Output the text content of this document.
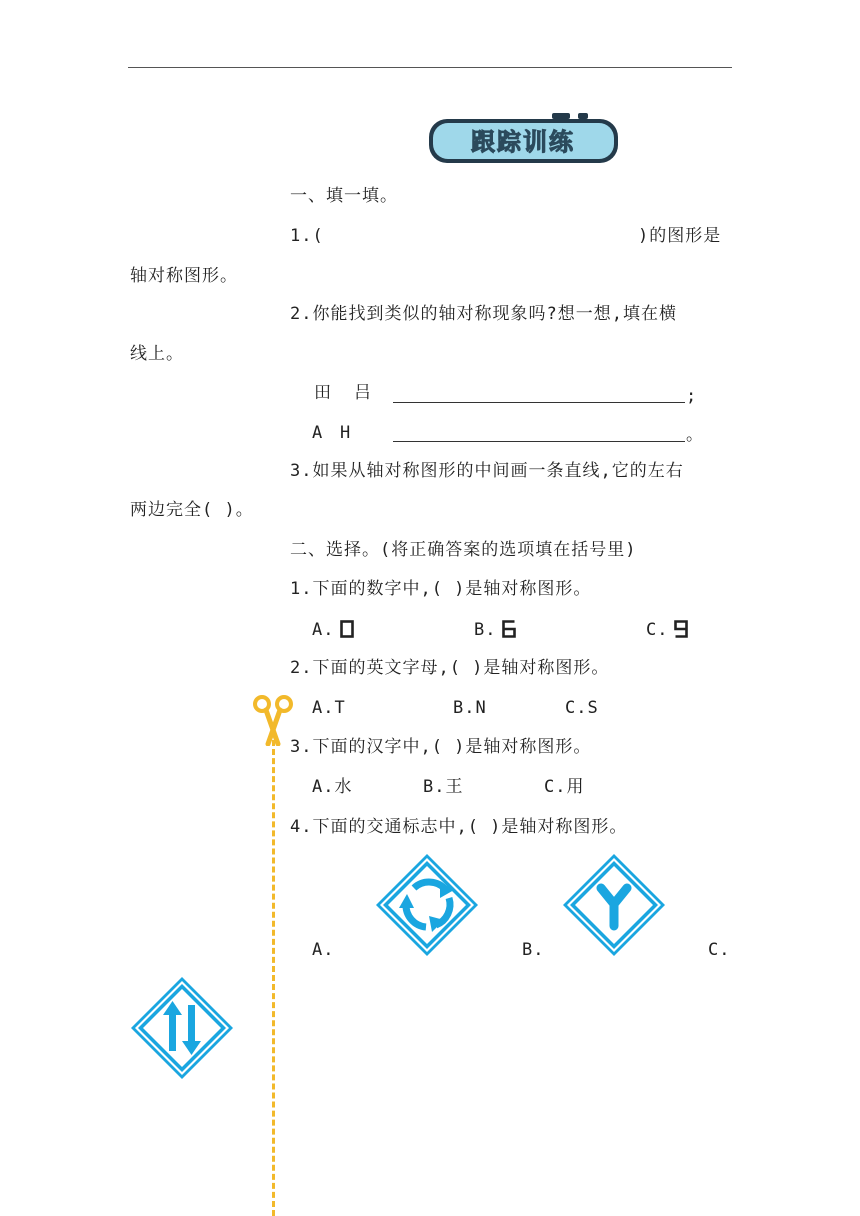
跟踪训练
一、填一填。
1.(	)的图形是
轴对称图形。
2.你能找到类似的轴对称现象吗?想一想,填在横
线上。
田 吕	;
A H	。
3.如果从轴对称图形的中间画一条直线,它的左右
两边完全( )。
二、选择。(将正确答案的选项填在括号里)
1.下面的数字中,( )是轴对称图形。
A.	B.	C.
2.下面的英文字母,( )是轴对称图形。
A.T	B.N	C.S
3.下面的汉字中,( )是轴对称图形。
A.水	B.王	C.用
4.下面的交通标志中,( )是轴对称图形。
A.	B.	C.
